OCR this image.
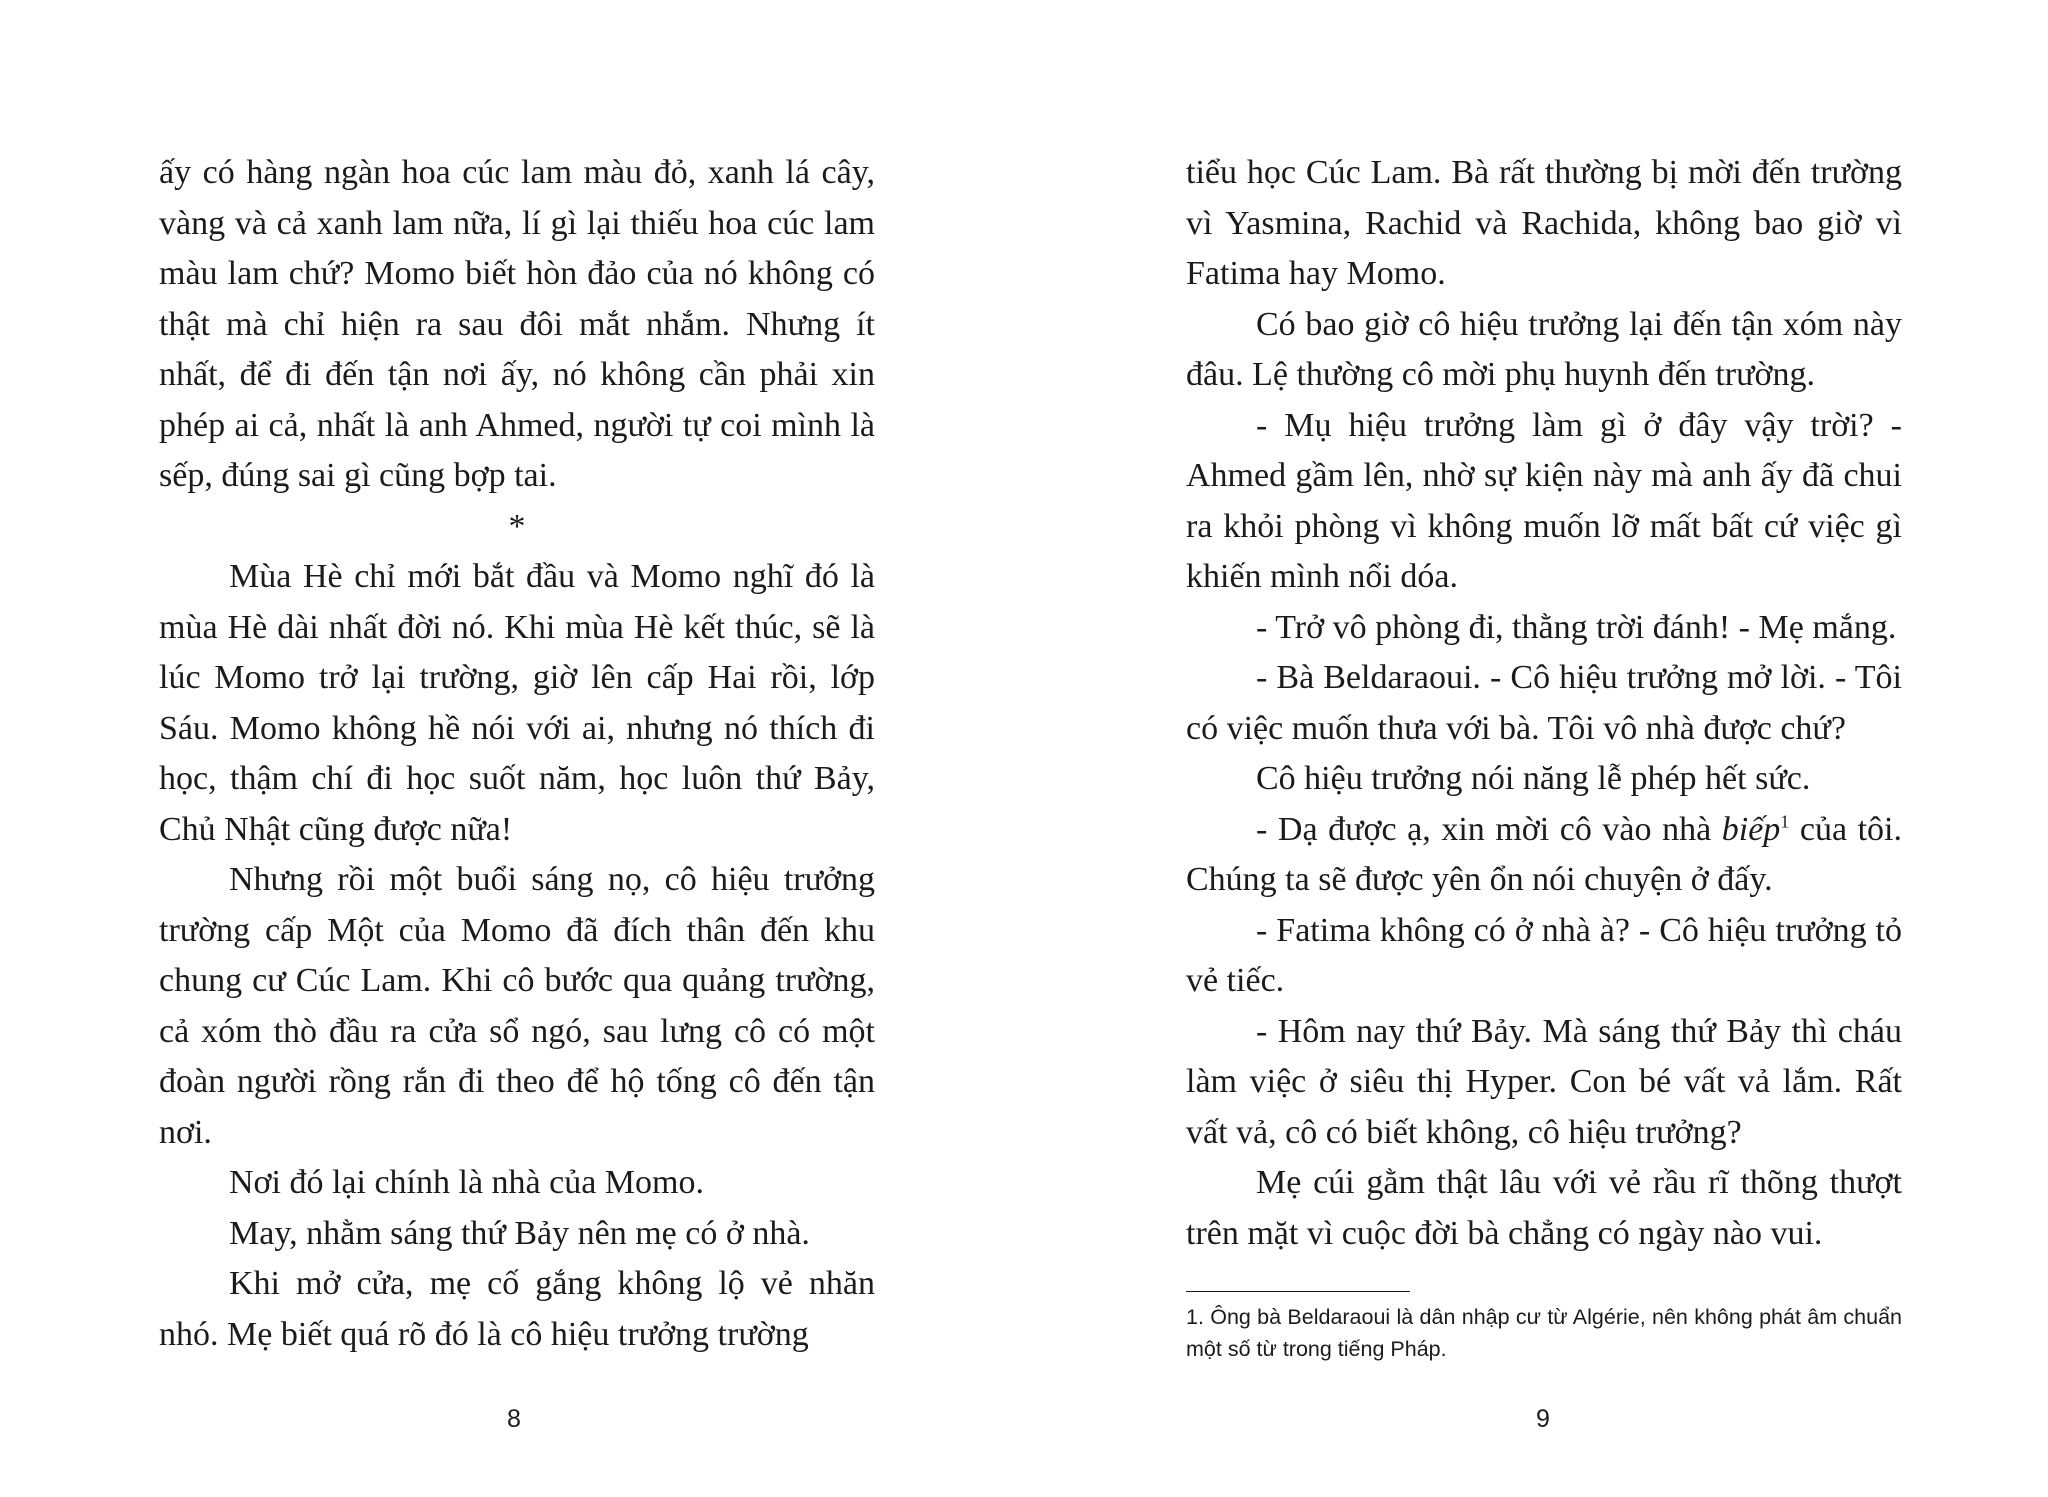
ấy có hàng ngàn hoa cúc lam màu đỏ, xanh lá cây, vàng và cả xanh lam nữa, lí gì lại thiếu hoa cúc lam màu lam chứ? Momo biết hòn đảo của nó không có thật mà chỉ hiện ra sau đôi mắt nhắm. Nhưng ít nhất, để đi đến tận nơi ấy, nó không cần phải xin phép ai cả, nhất là anh Ahmed, người tự coi mình là sếp, đúng sai gì cũng bợp tai.

*

Mùa Hè chỉ mới bắt đầu và Momo nghĩ đó là mùa Hè dài nhất đời nó. Khi mùa Hè kết thúc, sẽ là lúc Momo trở lại trường, giờ lên cấp Hai rồi, lớp Sáu. Momo không hề nói với ai, nhưng nó thích đi học, thậm chí đi học suốt năm, học luôn thứ Bảy, Chủ Nhật cũng được nữa!

Nhưng rồi một buổi sáng nọ, cô hiệu trưởng trường cấp Một của Momo đã đích thân đến khu chung cư Cúc Lam. Khi cô bước qua quảng trường, cả xóm thò đầu ra cửa sổ ngó, sau lưng cô có một đoàn người rồng rắn đi theo để hộ tống cô đến tận nơi.

Nơi đó lại chính là nhà của Momo.

May, nhằm sáng thứ Bảy nên mẹ có ở nhà.

Khi mở cửa, mẹ cố gắng không lộ vẻ nhăn nhó. Mẹ biết quá rõ đó là cô hiệu trưởng trường

8

tiểu học Cúc Lam. Bà rất thường bị mời đến trường vì Yasmina, Rachid và Rachida, không bao giờ vì Fatima hay Momo.

Có bao giờ cô hiệu trưởng lại đến tận xóm này đâu. Lệ thường cô mời phụ huynh đến trường.

- Mụ hiệu trưởng làm gì ở đây vậy trời? - Ahmed gầm lên, nhờ sự kiện này mà anh ấy đã chui ra khỏi phòng vì không muốn lỡ mất bất cứ việc gì khiến mình nổi dóa.

- Trở vô phòng đi, thằng trời đánh! - Mẹ mắng.

- Bà Beldaraoui. - Cô hiệu trưởng mở lời. - Tôi có việc muốn thưa với bà. Tôi vô nhà được chứ?

Cô hiệu trưởng nói năng lễ phép hết sức.

- Dạ được ạ, xin mời cô vào nhà biếp$^1$ của tôi. Chúng ta sẽ được yên ổn nói chuyện ở đấy.

- Fatima không có ở nhà à? - Cô hiệu trưởng tỏ vẻ tiếc.

- Hôm nay thứ Bảy. Mà sáng thứ Bảy thì cháu làm việc ở siêu thị Hyper. Con bé vất vả lắm. Rất vất vả, cô có biết không, cô hiệu trưởng?

Mẹ cúi gằm thật lâu với vẻ rầu rĩ thõng thượt trên mặt vì cuộc đời bà chẳng có ngày nào vui.

1. Ông bà Beldaraoui là dân nhập cư từ Algérie, nên không phát âm chuẩn một số từ trong tiếng Pháp.
9
